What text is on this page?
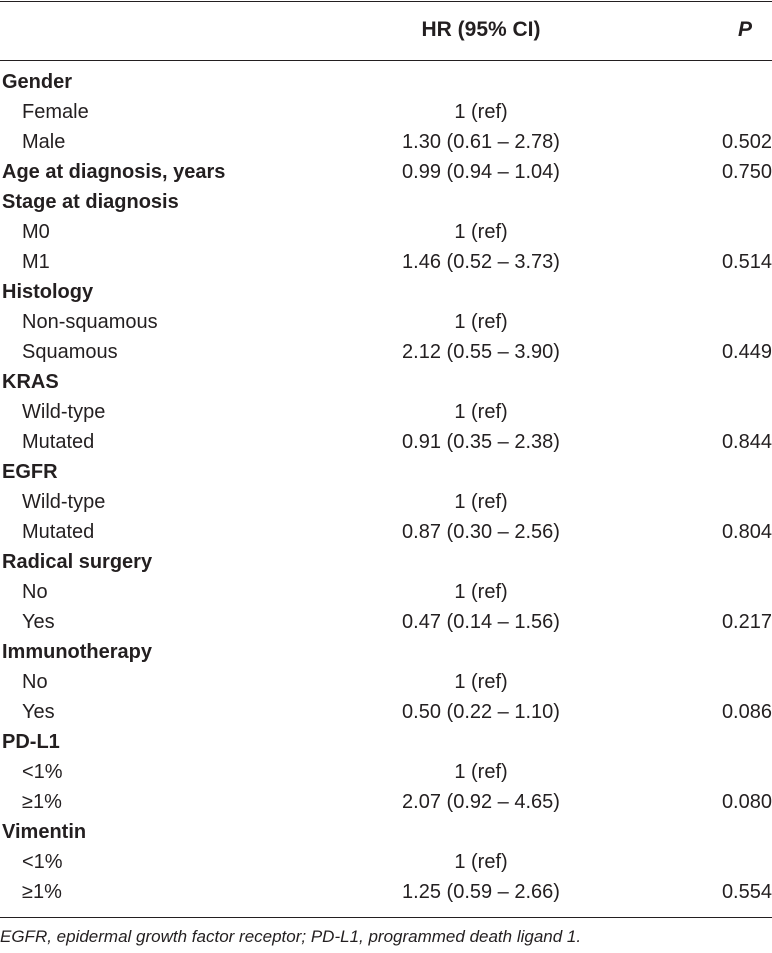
HR (95% CI)	P
Gender
Female	1 (ref)
Male	1.30 (0.61 – 2.78)	0.502
Age at diagnosis, years	0.99 (0.94 – 1.04)	0.750
Stage at diagnosis
M0	1 (ref)
M1	1.46 (0.52 – 3.73)	0.514
Histology
Non-squamous	1 (ref)
Squamous	2.12 (0.55 – 3.90)	0.449
KRAS
Wild-type	1 (ref)
Mutated	0.91 (0.35 – 2.38)	0.844
EGFR
Wild-type	1 (ref)
Mutated	0.87 (0.30 – 2.56)	0.804
Radical surgery
No	1 (ref)
Yes	0.47 (0.14 – 1.56)	0.217
Immunotherapy
No	1 (ref)
Yes	0.50 (0.22 – 1.10)	0.086
PD-L1
<1%	1 (ref)
≥1%	2.07 (0.92 – 4.65)	0.080
Vimentin
<1%	1 (ref)
≥1%	1.25 (0.59 – 2.66)	0.554
EGFR, epidermal growth factor receptor; PD-L1, programmed death ligand 1.
